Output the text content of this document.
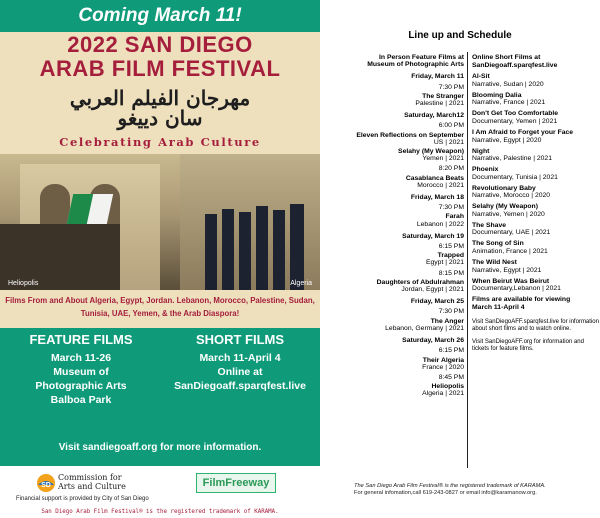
Coming March 11!
2022 SAN DIEGO
ARAB FILM FESTIVAL
مهرجان الفيلم العربي
سان دييغو
Celebrating Arab Culture
Heliopolis	Algeria
Films From and About Algeria, Egypt, Jordan. Lebanon, Morocco, Palestine, Sudan, Tunisia, UAE, Yemen, & the Arab Diaspora!
FEATURE FILMS
March 11-26
Museum of
Photographic Arts
Balboa Park
SHORT FILMS
March 11-April 4
Online at
SanDiegoaff.sparqfest.live
Visit sandiegoaff.org for more information.
SD
Commission for
Arts and Culture	FilmFreeway
Financial support is provided by City of San Diego
San Diego Arab Film Festival® is the registered trademark of KARAMA.
Line up and Schedule
In Person Feature Films at
Museum of Photographic Arts
Friday, March 11
7:30 PM
The Stranger
Palestine | 2021
Saturday, March12
6:00 PM
Eleven Reflections on September
US | 2021
Selahy (My Weapon)
Yemen | 2021
8:20 PM
Casablanca Beats
Morocco | 2021
Friday, March 18
7:30 PM
Farah
Lebanon | 2022
Saturday, March 19
6:15 PM
Trapped
Egypt | 2021
8:15 PM
Daughters of Abdulrahman
Jordan, Egypt | 2021
Friday, March 25
7:30 PM
The Anger
Lebanon, Germany | 2021
Saturday, March 26
6:15 PM
Their Algeria
France | 2020
8:45 PM
Heliopolis
Algeria | 2021
Online Short Films at
SanDiegoaff.sparqfest.live
Al-Sit
Narrative, Sudan | 2020
Blooming Dalia
Narrative, France | 2021
Don't Get Too Comfortable
Documentary, Yemen | 2021
I Am Afraid to Forget your Face
Narrative, Egypt | 2020
Night
Narrative, Palestine | 2021
Phoenix
Documentary, Tunisia | 2021
Revolutionary Baby
Narrative, Morocco | 2020
Selahy (My Weapon)
Narrative, Yemen | 2020
The Shave
Documentary, UAE | 2021
The Song of Sin
Animation, France | 2021
The Wild Nest
Narrative, Egypt | 2021
When Beirut Was Beirut
Documentary,Lebanon | 2021
Films are available for viewing
March 11-April 4
Visit SanDiegoAFF.sparqfest.live for information about short films and to watch online.
Visit SanDiegoAFF.org for information and tickets for feature films.
The San Diego Arab Film Festival® is the registered trademark of KARAMA.
For general infomation,call 619-243-0827 or email info@karamanow.org.
